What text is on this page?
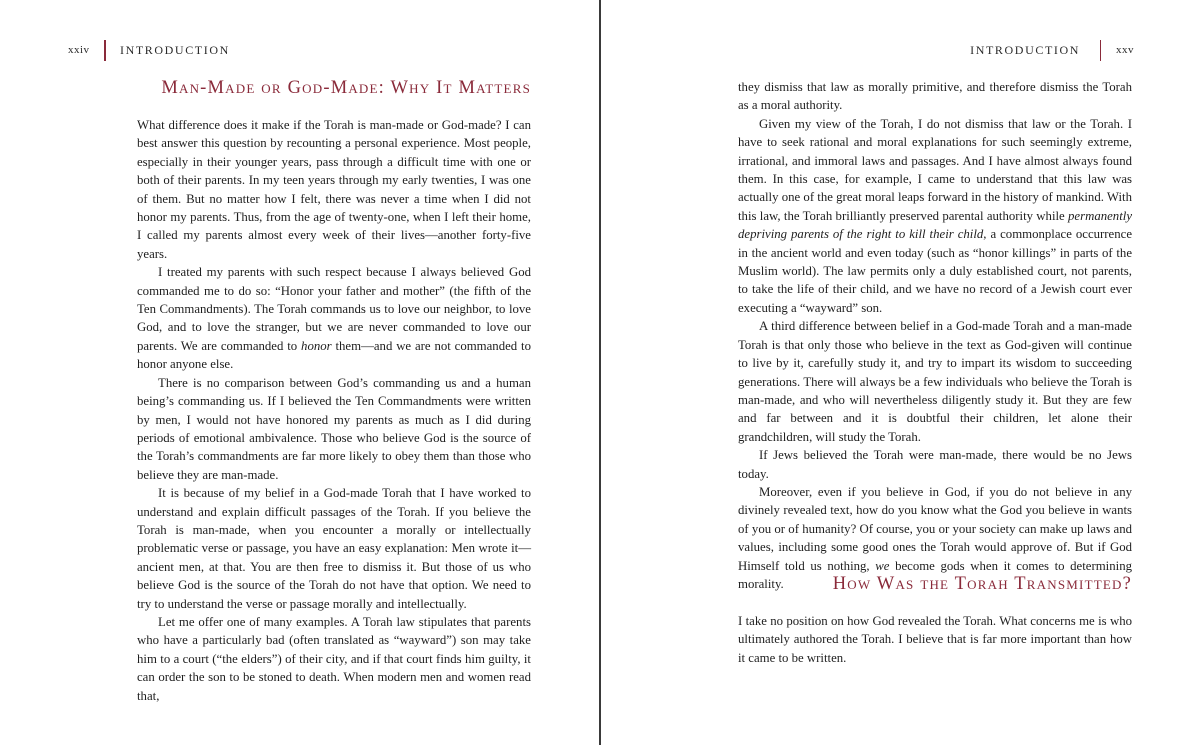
xxiv	INTRODUCTION
Man-Made or God-Made: Why It Matters

What difference does it make if the Torah is man-made or God-made? I can best answer this question by recounting a personal experience. Most people, especially in their younger years, pass through a difficult time with one or both of their parents. In my teen years through my early twenties, I was one of them. But no matter how I felt, there was never a time when I did not honor my parents. Thus, from the age of twenty-one, when I left their home, I called my parents almost every week of their lives—another forty-five years.

I treated my parents with such respect because I always believed God commanded me to do so: “Honor your father and mother” (the fifth of the Ten Commandments). The Torah commands us to love our neighbor, to love God, and to love the stranger, but we are never commanded to love our parents. We are commanded to honor them—and we are not commanded to honor anyone else.

There is no comparison between God’s commanding us and a human being’s commanding us. If I believed the Ten Commandments were written by men, I would not have honored my parents as much as I did during periods of emotional ambivalence. Those who believe God is the source of the Torah’s commandments are far more likely to obey them than those who believe they are man-made.

It is because of my belief in a God-made Torah that I have worked to understand and explain difficult passages of the Torah. If you believe the Torah is man-made, when you encounter a morally or intellectually problematic verse or passage, you have an easy explanation: Men wrote it—ancient men, at that. You are then free to dismiss it. But those of us who believe God is the source of the Torah do not have that option. We need to try to understand the verse or passage morally and intellectually.

Let me offer one of many examples. A Torah law stipulates that parents who have a particularly bad (often translated as “wayward”) son may take him to a court (“the elders”) of their city, and if that court finds him guilty, it can order the son to be stoned to death. When modern men and women read that,

INTRODUCTION	xxv

they dismiss that law as morally primitive, and therefore dismiss the Torah as a moral authority.

Given my view of the Torah, I do not dismiss that law or the Torah. I have to seek rational and moral explanations for such seemingly extreme, irrational, and immoral laws and passages. And I have almost always found them. In this case, for example, I came to understand that this law was actually one of the great moral leaps forward in the history of mankind. With this law, the Torah brilliantly preserved parental authority while permanently depriving parents of the right to kill their child, a commonplace occurrence in the ancient world and even today (such as “honor killings” in parts of the Muslim world). The law permits only a duly established court, not parents, to take the life of their child, and we have no record of a Jewish court ever executing a “wayward” son.

A third difference between belief in a God-made Torah and a man-made Torah is that only those who believe in the text as God-given will continue to live by it, carefully study it, and try to impart its wisdom to succeeding generations. There will always be a few individuals who believe the Torah is man-made, and who will nevertheless diligently study it. But they are few and far between and it is doubtful their children, let alone their grandchildren, will study the Torah.

If Jews believed the Torah were man-made, there would be no Jews today.

Moreover, even if you believe in God, if you do not believe in any divinely revealed text, how do you know what the God you believe in wants of you or of humanity? Of course, you or your society can make up laws and values, including some good ones the Torah would approve of. But if God Himself told us nothing, we become gods when it comes to determining morality.	How Was the Torah Transmitted?

I take no position on how God revealed the Torah. What concerns me is who ultimately authored the Torah. I believe that is far more important than how it came to be written.
